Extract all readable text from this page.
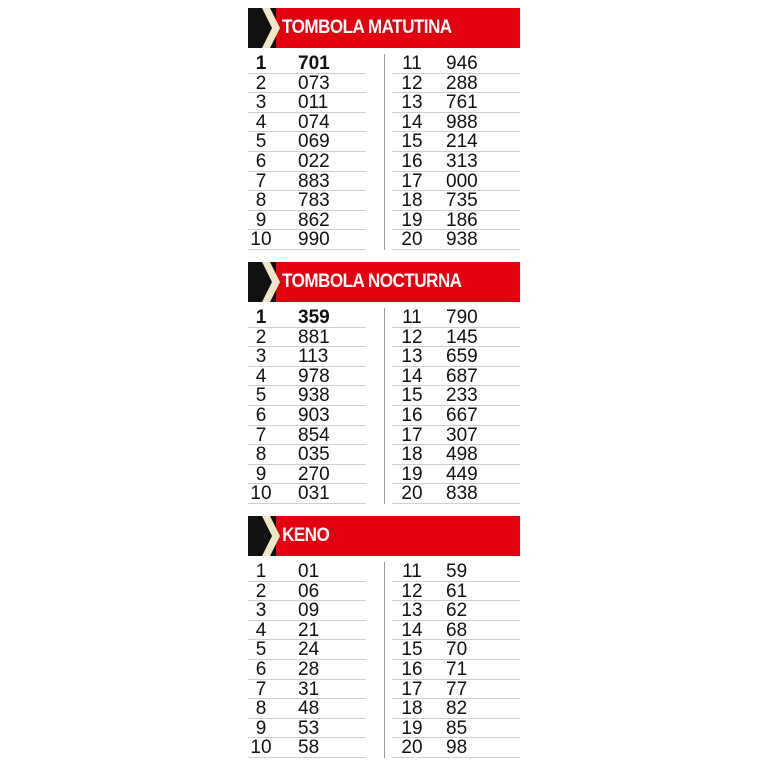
TOMBOLA MATUTINA
1	701
2	073
3	011
4	074
5	069
6	022
7	883
8	783
9	862
10 990
11	946
12	288
13	761
14	988
15	214
16	313
17	000
18	735
19	186
20	938
TOMBOLA NOCTURNA
1	359
2	881
3	113
4	978
5	938
6	903
7	854
8	035
9	270
10 031
11	790
12	145
13	659
14	687
15	233
16	667
17	307
18	498
19	449
20	838
KENO
1	01
2	06
3	09
4	21
5	24
6	28
7	31
8	48
9	53
10 58
11	59
12	61
13	62
14	68
15	70
16	71
17	77
18	82
19	85
20	98
